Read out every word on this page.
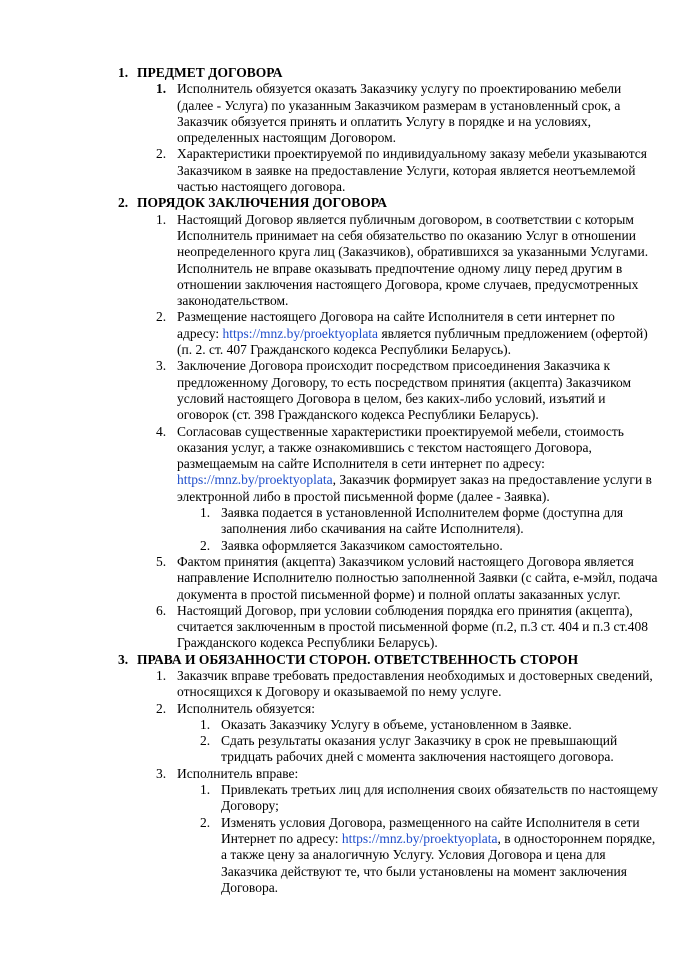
1. ПРЕДМЕТ ДОГОВОРА
1. Исполнитель обязуется оказать Заказчику услугу по проектированию мебели (далее - Услуга) по указанным Заказчиком размерам в установленный срок, а Заказчик обязуется принять и оплатить Услугу в порядке и на условиях, определенных настоящим Договором.
2. Характеристики проектируемой по индивидуальному заказу мебели указываются Заказчиком в заявке на предоставление Услуги, которая является неотъемлемой частью настоящего договора.
2. ПОРЯДОК ЗАКЛЮЧЕНИЯ ДОГОВОРА
1. Настоящий Договор является публичным договором, в соответствии с которым Исполнитель принимает на себя обязательство по оказанию Услуг в отношении неопределенного круга лиц (Заказчиков), обратившихся за указанными Услугами. Исполнитель не вправе оказывать предпочтение одному лицу перед другим в отношении заключения настоящего Договора, кроме случаев, предусмотренных законодательством.
2. Размещение настоящего Договора на сайте Исполнителя в сети интернет по адресу: https://mnz.by/proektyoplata является публичным предложением (офертой) (п. 2. ст. 407 Гражданского кодекса Республики Беларусь).
3. Заключение Договора происходит посредством присоединения Заказчика к предложенному Договору, то есть посредством принятия (акцепта) Заказчиком условий настоящего Договора в целом, без каких-либо условий, изъятий и оговорок (ст. 398 Гражданского кодекса Республики Беларусь).
4. Согласовав существенные характеристики проектируемой мебели, стоимость оказания услуг, а также ознакомившись с текстом настоящего Договора, размещаемым на сайте Исполнителя в сети интернет по адресу: https://mnz.by/proektyoplata, Заказчик формирует заказ на предоставление услуги в электронной либо в простой письменной форме (далее - Заявка).
1. Заявка подается в установленной Исполнителем форме (доступна для заполнения либо скачивания на сайте Исполнителя).
2. Заявка оформляется Заказчиком самостоятельно.
5. Фактом принятия (акцепта) Заказчиком условий настоящего Договора является направление Исполнителю полностью заполненной Заявки (с сайта, е-мэйл, подача документа в простой письменной форме) и полной оплаты заказанных услуг.
6. Настоящий Договор, при условии соблюдения порядка его принятия (акцепта), считается заключенным в простой письменной форме (п.2, п.3 ст. 404 и п.3 ст.408 Гражданского кодекса Республики Беларусь).
3. ПРАВА И ОБЯЗАННОСТИ СТОРОН. ОТВЕТСТВЕННОСТЬ СТОРОН
1. Заказчик вправе требовать предоставления необходимых и достоверных сведений, относящихся к Договору и оказываемой по нему услуге.
2. Исполнитель обязуется:
1. Оказать Заказчику Услугу в объеме, установленном в Заявке.
2. Сдать результаты оказания услуг Заказчику в срок не превышающий тридцать рабочих дней с момента заключения настоящего договора.
3. Исполнитель вправе:
1. Привлекать третьих лиц для исполнения своих обязательств по настоящему Договору;
2. Изменять условия Договора, размещенного на сайте Исполнителя в сети Интернет по адресу: https://mnz.by/proektyoplata, в одностороннем порядке, а также цену за аналогичную Услугу. Условия Договора и цена для Заказчика действуют те, что были установлены на момент заключения Договора.
